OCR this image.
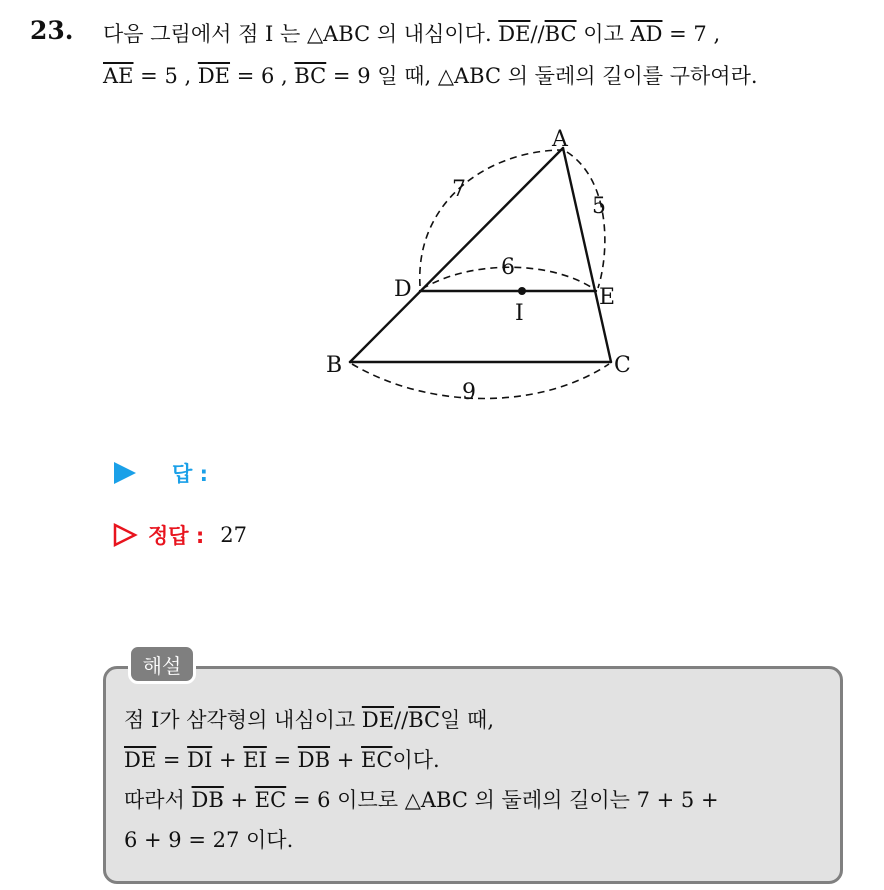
23. 다음 그림에서 점 I 는 △ABC 의 내심이다. $\overline{DE}//\overline{BC}$ 이고 $\overline{AD} = 7$ ,
$\overline{AE} = 5$ , $\overline{DE} = 6$ , $\overline{BC} = 9$ 일 때, △ABC 의 둘레의 길이를 구하여라.
A
B	C
D	E
I
7
5
6
9
답 :
정답 : 27
해설
점 I가 삼각형의 내심이고 $\overline{DE}//\overline{BC}$일 때,
$\overline{DE} = \overline{DI} + \overline{EI} = \overline{DB} + \overline{EC}$이다.
따라서 $\overline{DB} + \overline{EC} = 6$ 이므로 △ABC 의 둘레의 길이는 7 + 5 +
6 + 9 = 27 이다.
